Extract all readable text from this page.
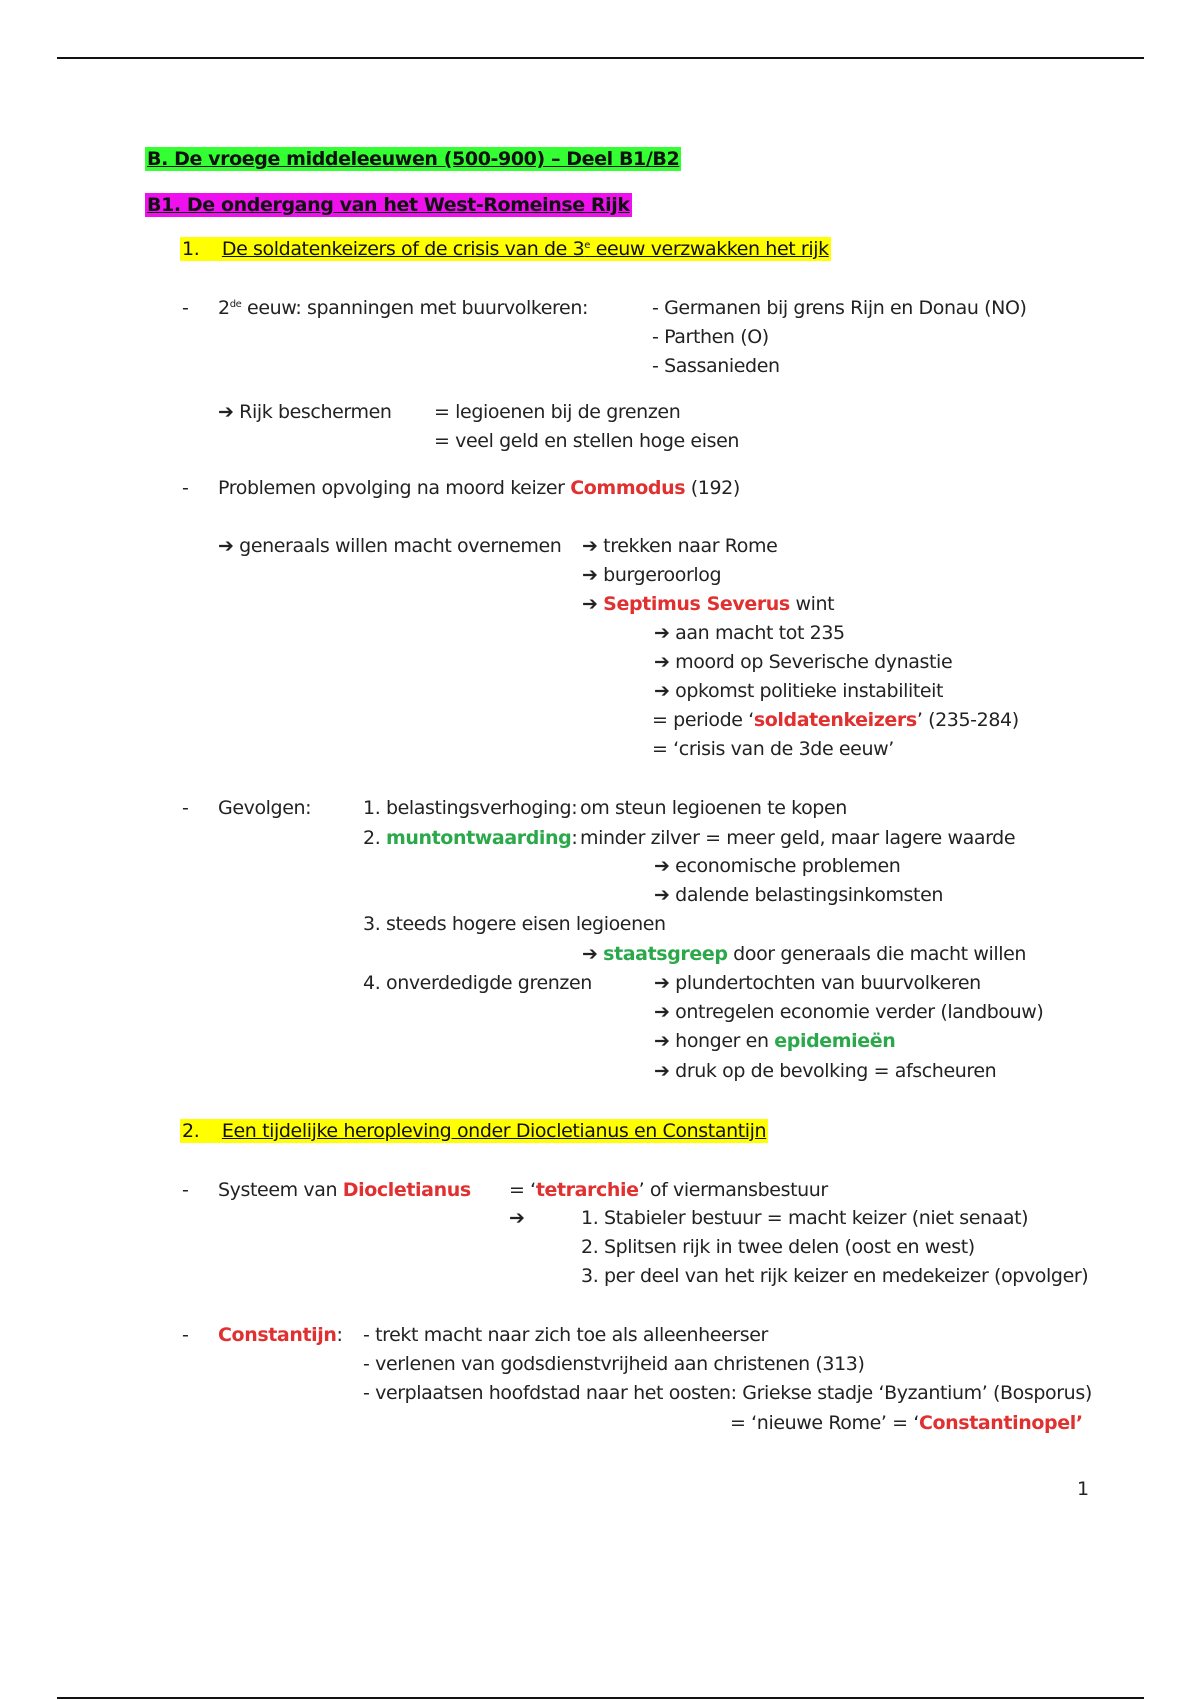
B. De vroege middeleeuwen (500-900) – Deel B1/B2
B1. De ondergang van het West-Romeinse Rijk
1. De soldatenkeizers of de crisis van de 3e eeuw verzwakken het rijk
- 2de eeuw: spanningen met buurvolkeren:	- Germanen bij grens Rijn en Donau (NO)
- Parthen (O)
- Sassanieden
➔ Rijk beschermen = legioenen bij de grenzen
= veel geld en stellen hoge eisen
- Problemen opvolging na moord keizer Commodus (192)
➔ generaals willen macht overnemen ➔ trekken naar Rome
➔ burgeroorlog
➔ Septimus Severus wint
➔ aan macht tot 235
➔ moord op Severische dynastie
➔ opkomst politieke instabiliteit
= periode ‘soldatenkeizers’ (235-284)
= ‘crisis van de 3de eeuw’
- Gevolgen:	1. belastingsverhoging: om steun legioenen te kopen
2. muntontwaarding: minder zilver = meer geld, maar lagere waarde
➔ economische problemen
➔ dalende belastingsinkomsten
3. steeds hogere eisen legioenen
➔ staatsgreep door generaals die macht willen
4. onverdedigde grenzen	➔ plundertochten van buurvolkeren
➔ ontregelen economie verder (landbouw)
➔ honger en epidemieën
➔ druk op de bevolking = afscheuren
2. Een tijdelijke heropleving onder Diocletianus en Constantijn
- Systeem van Diocletianus = ‘tetrarchie’ of viermansbestuur
➔	1. Stabieler bestuur = macht keizer (niet senaat)
2. Splitsen rijk in twee delen (oost en west)
3. per deel van het rijk keizer en medekeizer (opvolger)
- Constantijn: - trekt macht naar zich toe als alleenheerser
- verlenen van godsdienstvrijheid aan christenen (313)
- verplaatsen hoofdstad naar het oosten: Griekse stadje ‘Byzantium’ (Bosporus)
= ‘nieuwe Rome’ = ‘Constantinopel’
1
